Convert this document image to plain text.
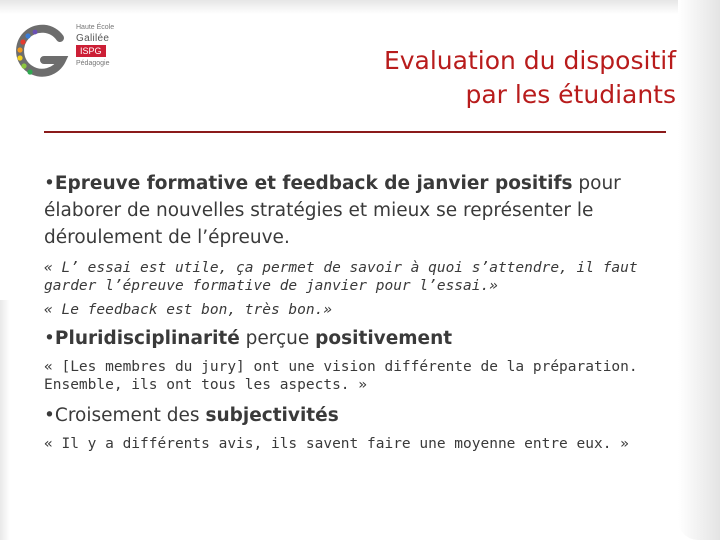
Haute École
Galilée
ISPG
Pédagogie	Evaluation du dispositif
par les étudiants

•Epreuve formative et feedback de janvier positifs pour élaborer de nouvelles stratégies et mieux se représenter le déroulement de l’épreuve.

« L’ essai est utile, ça permet de savoir à quoi s’attendre, il faut garder l’épreuve formative de janvier pour l’essai.»

« Le feedback est bon, très bon.»

•Pluridisciplinarité perçue positivement

« [Les membres du jury] ont une vision différente de la préparation. Ensemble, ils ont tous les aspects. »

•Croisement des subjectivités

« Il y a différents avis, ils savent faire une moyenne entre eux. »
